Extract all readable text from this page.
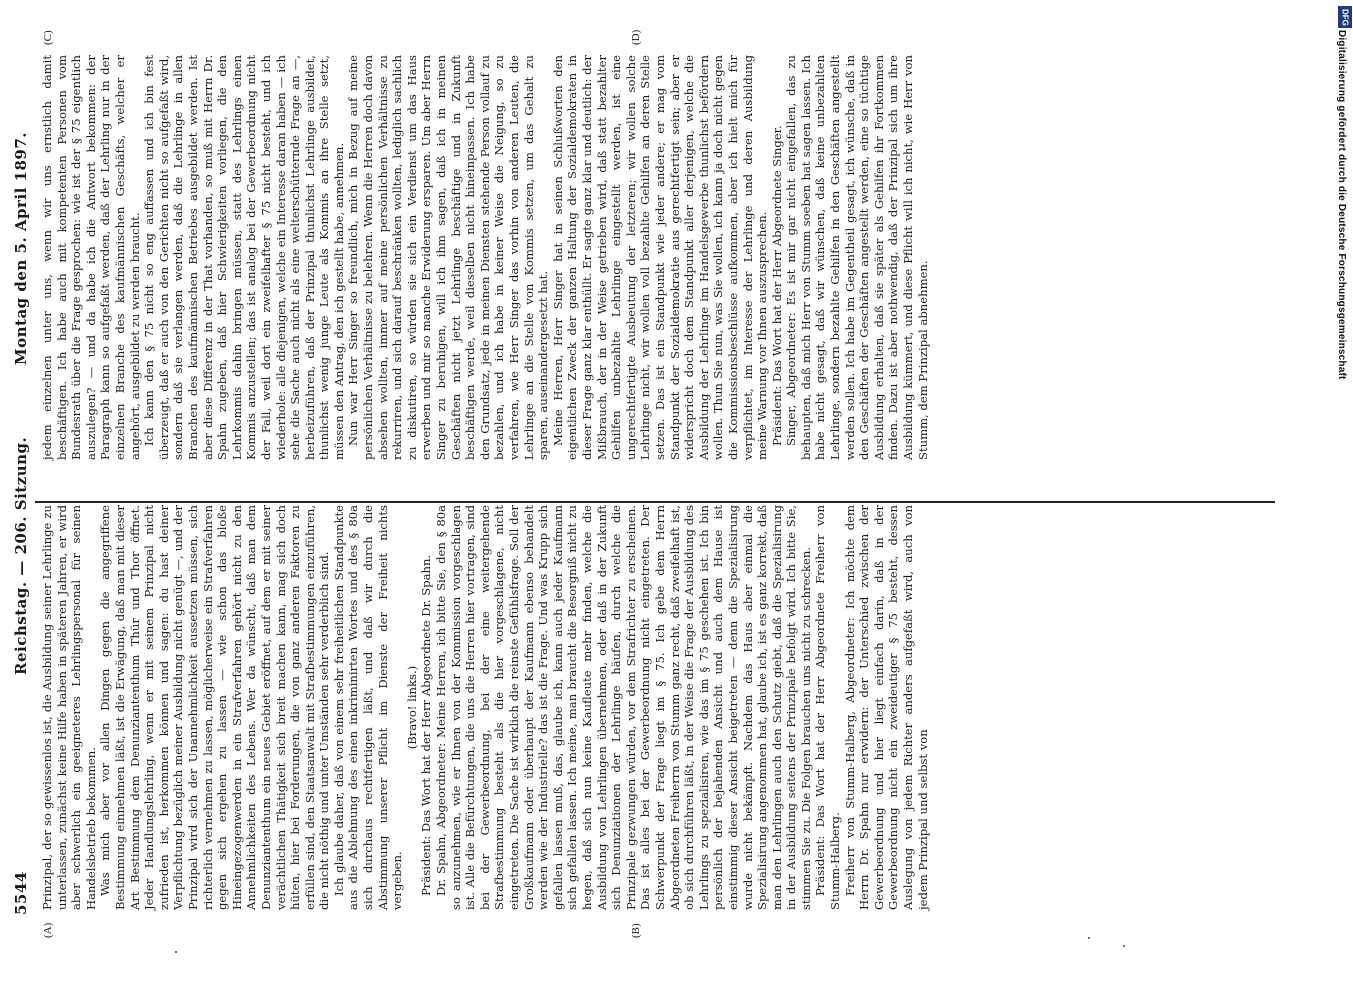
5544
Reichstag. — 206. Sitzung.
Montag den 5. April 1897.
(A)	(B)
(C)	(D)

Prinzipal, der so gewissenlos ist, die Ausbildung seiner Lehrlinge zu unterlassen, zunächst keine Hilfe haben in späteren Jahren, er wird aber schwerlich ein geeigneteres Lehrlingspersonal für seinen Handelsbetrieb bekommen. Was mich aber vor allen Dingen gegen die angegriffene Bestimmung einnehmen läßt, ist die Erwägung, daß man mit dieser Art Bestimmung dem Denunziantenthum Thür und Thor öffnet. Jeder Handlungslehrling, wenn er mit seinem Prinzipal nicht zufrieden ist, herkommen können und sagen: du hast deiner Verpflichtung bezüglich meiner Ausbildung nicht genügt —, und der Prinzipal wird sich der Unannehmlichkeit aussetzen müssen, sich richterlich vernehmen zu lassen, möglicherweise ein Strafverfahren gegen sich ergehen zu lassen — wie schon das bloße Hineingezogenwerden in ein Strafverfahren gehört nicht zu den Annehmlichkeiten des Lebens. Wer da wünscht, daß man dem Denunziantenthum ein neues Gebiet eröffnet, auf dem er mit seiner verächtlichen Thätigkeit sich breit machen kann, mag sich doch hüten, hier bei Forderungen, die von ganz anderen Faktoren zu erfüllen sind, den Staatsanwalt mit Strafbestimmungen einzuführen, die nicht nöthig und unter Umständen sehr verderblich sind. Ich glaube daher, daß von einem sehr freiheitlichen Standpunkte aus die Ablehnung des einen inkriminirten Wortes und des § 80a sich durchaus rechtfertigen läßt, und daß wir durch die Abstimmung unserer Pflicht im Dienste der Freiheit nichts vergeben.

(Bravo! links.) Präsident: Das Wort hat der Herr Abgeordnete Dr. Spahn. Dr. Spahn, Abgeordneter: Meine Herren, ich bitte Sie, den § 80a so anzunehmen, wie er Ihnen von der Kommission vorgeschlagen ist. Alle die Befürchtungen, die uns die Herren hier vortragen, sind bei der Gewerbeordnung, bei der eine weitergehende Strafbestimmung besteht als die hier vorgeschlagene, nicht eingetreten. Die Sache ist wirklich die reinste Gefühlsfrage. Soll der Großkaufmann oder überhaupt der Kaufmann ebenso behandelt werden wie der Industrielle? das ist die Frage. Und was Krupp sich gefallen lassen muß, das, glaube ich, kann auch jeder Kaufmann sich gefallen lassen. Ich meine, man braucht die Besorgniß nicht zu hegen, daß sich nun keine Kaufleute mehr finden, welche die Ausbildung von Lehrlingen übernehmen, oder daß in der Zukunft sich Denunziationen der Lehrlinge häufen, durch welche die Prinzipale gezwungen würden, vor dem Strafrichter zu erscheinen. Das ist alles bei der Gewerbeordnung nicht eingetreten. Der Schwerpunkt der Frage liegt im § 75. Ich gebe dem Herrn Abgeordneten Freiherrn von Stumm ganz recht, daß zweifelhaft ist, ob sich durchführen läßt, in der Weise die Frage der Ausbildung des Lehrlings zu spezialisiren, wie das im § 75 geschehen ist. Ich bin persönlich der bejahenden Ansicht und auch dem Hause ist einstimmig dieser Ansicht beigetreten — denn die Spezialisirung wurde nicht bekämpft. Nachdem das Haus aber einmal die Spezialisirung angenommen hat, glaube ich, ist es ganz korrekt, daß man den Lehrlingen auch den Schutz giebt, daß die Spezialisirung in der Ausbildung seitens der Prinzipale befolgt wird. Ich bitte Sie, stimmen Sie zu. Die Folgen brauchen uns nicht zu schrecken. Präsident: Das Wort hat der Herr Abgeordnete Freiherr von Stumm-Halberg. Freiherr von Stumm-Halberg, Abgeordneter: Ich möchte dem Herrn Dr. Spahn nur erwidern: der Unterschied zwischen der Gewerbeordnung und hier liegt einfach darin, daß in der Gewerbeordnung nicht ein zweideutiger § 75 besteht, dessen Auslegung von jedem Richter anders aufgefaßt wird, auch von jedem Prinzipal und selbst von

jedem einzelnen unter uns, wenn wir uns ernstlich damit beschäftigen. Ich habe auch mit kompetenten Personen vom Bundesrath über die Frage gesprochen: wie ist der § 75 eigentlich auszulegen? — und da habe ich die Antwort bekommen: der Paragraph kann so aufgefaßt werden, daß der Lehrling nur in der einzelnen Branche des kaufmännischen Geschäfts, welcher er angehört, ausgebildet zu werden braucht. Ich kann den § 75 nicht so eng auffassen und ich bin fest überzeugt, daß er auch von den Gerichten nicht so aufgefaßt wird, sondern daß sie verlangen werden, daß die Lehrlinge in allen Branchen des kaufmännischen Betriebes ausgebildet werden. Ist aber diese Differenz in der That vorhanden, so muß mit Herrn Dr. Spahn zugeben, daß hier Schwierigkeiten vorliegen, die den Lehrkommis dahin bringen müssen, statt des Lehrlings einen Kommis anzustellen; das ist analog bei der Gewerbeordnung nicht der Fall, weil dort ein zweifelhafter § 75 nicht besteht, und ich wiederhole: alle diejenigen, welche ein Interesse daran haben — ich sehe die Sache auch nicht als eine welterschütternde Frage an —, herbeizuführen, daß der Prinzipal thunlichst Lehrlinge ausbildet, thunlichst wenig junge Leute als Kommis an ihre Stelle setzt, müssen den Antrag, den ich gestellt habe, annehmen. Nun war Herr Singer so freundlich, mich in Bezug auf meine persönlichen Verhältnisse zu belehren. Wenn die Herren doch davon absehen wollten, immer auf meine persönlichen Verhältnisse zu rekurriren, und sich darauf beschränken wollten, lediglich sachlich zu diskutiren, so würden sie sich ein Verdienst um das Haus erwerben und mir so manche Erwiderung ersparen. Um aber Herrn Singer zu beruhigen, will ich ihm sagen, daß ich in meinen Geschäften nicht jetzt Lehrlinge beschäftige und in Zukunft beschäftigen werde, weil dieselben nicht hineinpassen. Ich habe den Grundsatz, jede in meinen Diensten stehende Person vollauf zu bezahlen, und ich habe in keiner Weise die Neigung, so zu verfahren, wie Herr Singer das vorhin von anderen Leuten, die Lehrlinge an die Stelle von Kommis setzen, um das Gehalt zu sparen, auseinandergesetzt hat. Meine Herren, Herr Singer hat in seinen Schlußworten den eigentlichen Zweck der ganzen Haltung der Sozialdemokraten in dieser Frage ganz klar enthüllt. Er sagte ganz klar und deutlich: der Mißbrauch, der in der Weise getrieben wird, daß statt bezahlter Gehilfen unbezahlte Lehrlinge eingestellt werden, ist eine ungerechtfertigte Ausbeutung der letzteren; wir wollen solche Lehrlinge nicht, wir wollen voll bezahlte Gehilfen an deren Stelle setzen. Das ist ein Standpunkt wie jeder andere; er mag vom Standpunkt der Sozialdemokratie aus gerechtfertigt sein; aber er widerspricht doch dem Standpunkt aller derjenigen, welche die Ausbildung der Lehrlinge im Handelsgewerbe thunlichst befördern wollen. Thun Sie nun, was Sie wollen, ich kann ja doch nicht gegen die Kommissionsbeschlüsse aufkommen, aber ich hielt mich für verpflichtet, im Interesse der Lehrlinge und deren Ausbildung meine Warnung vor Ihnen auszusprechen. Präsident: Das Wort hat der Herr Abgeordnete Singer. Singer, Abgeordneter: Es ist mir gar nicht eingefallen, das zu behaupten, daß mich Herr von Stumm soeben hat sagen lassen. Ich habe nicht gesagt, daß wir wünschen, daß keine unbezahlten Lehrlinge, sondern bezahlte Gehilfen in den Geschäften angestellt werden sollen. Ich habe im Gegentheil gesagt, ich wünsche, daß in den Geschäften der Geschäften angestellt werden, eine so tüchtige Ausbildung erhalten, daß sie später als Gehilfen ihr Fortkommen finden. Dazu ist aber nothwendig, daß der Prinzipal sich um ihre Ausbildung kümmert, und diese Pflicht will ich nicht, wie Herr von Stumm, dem Prinzipal abnehmen.

DFG
Digitalisierung gefördert durch die Deutsche Forschungsgemeinschaft
